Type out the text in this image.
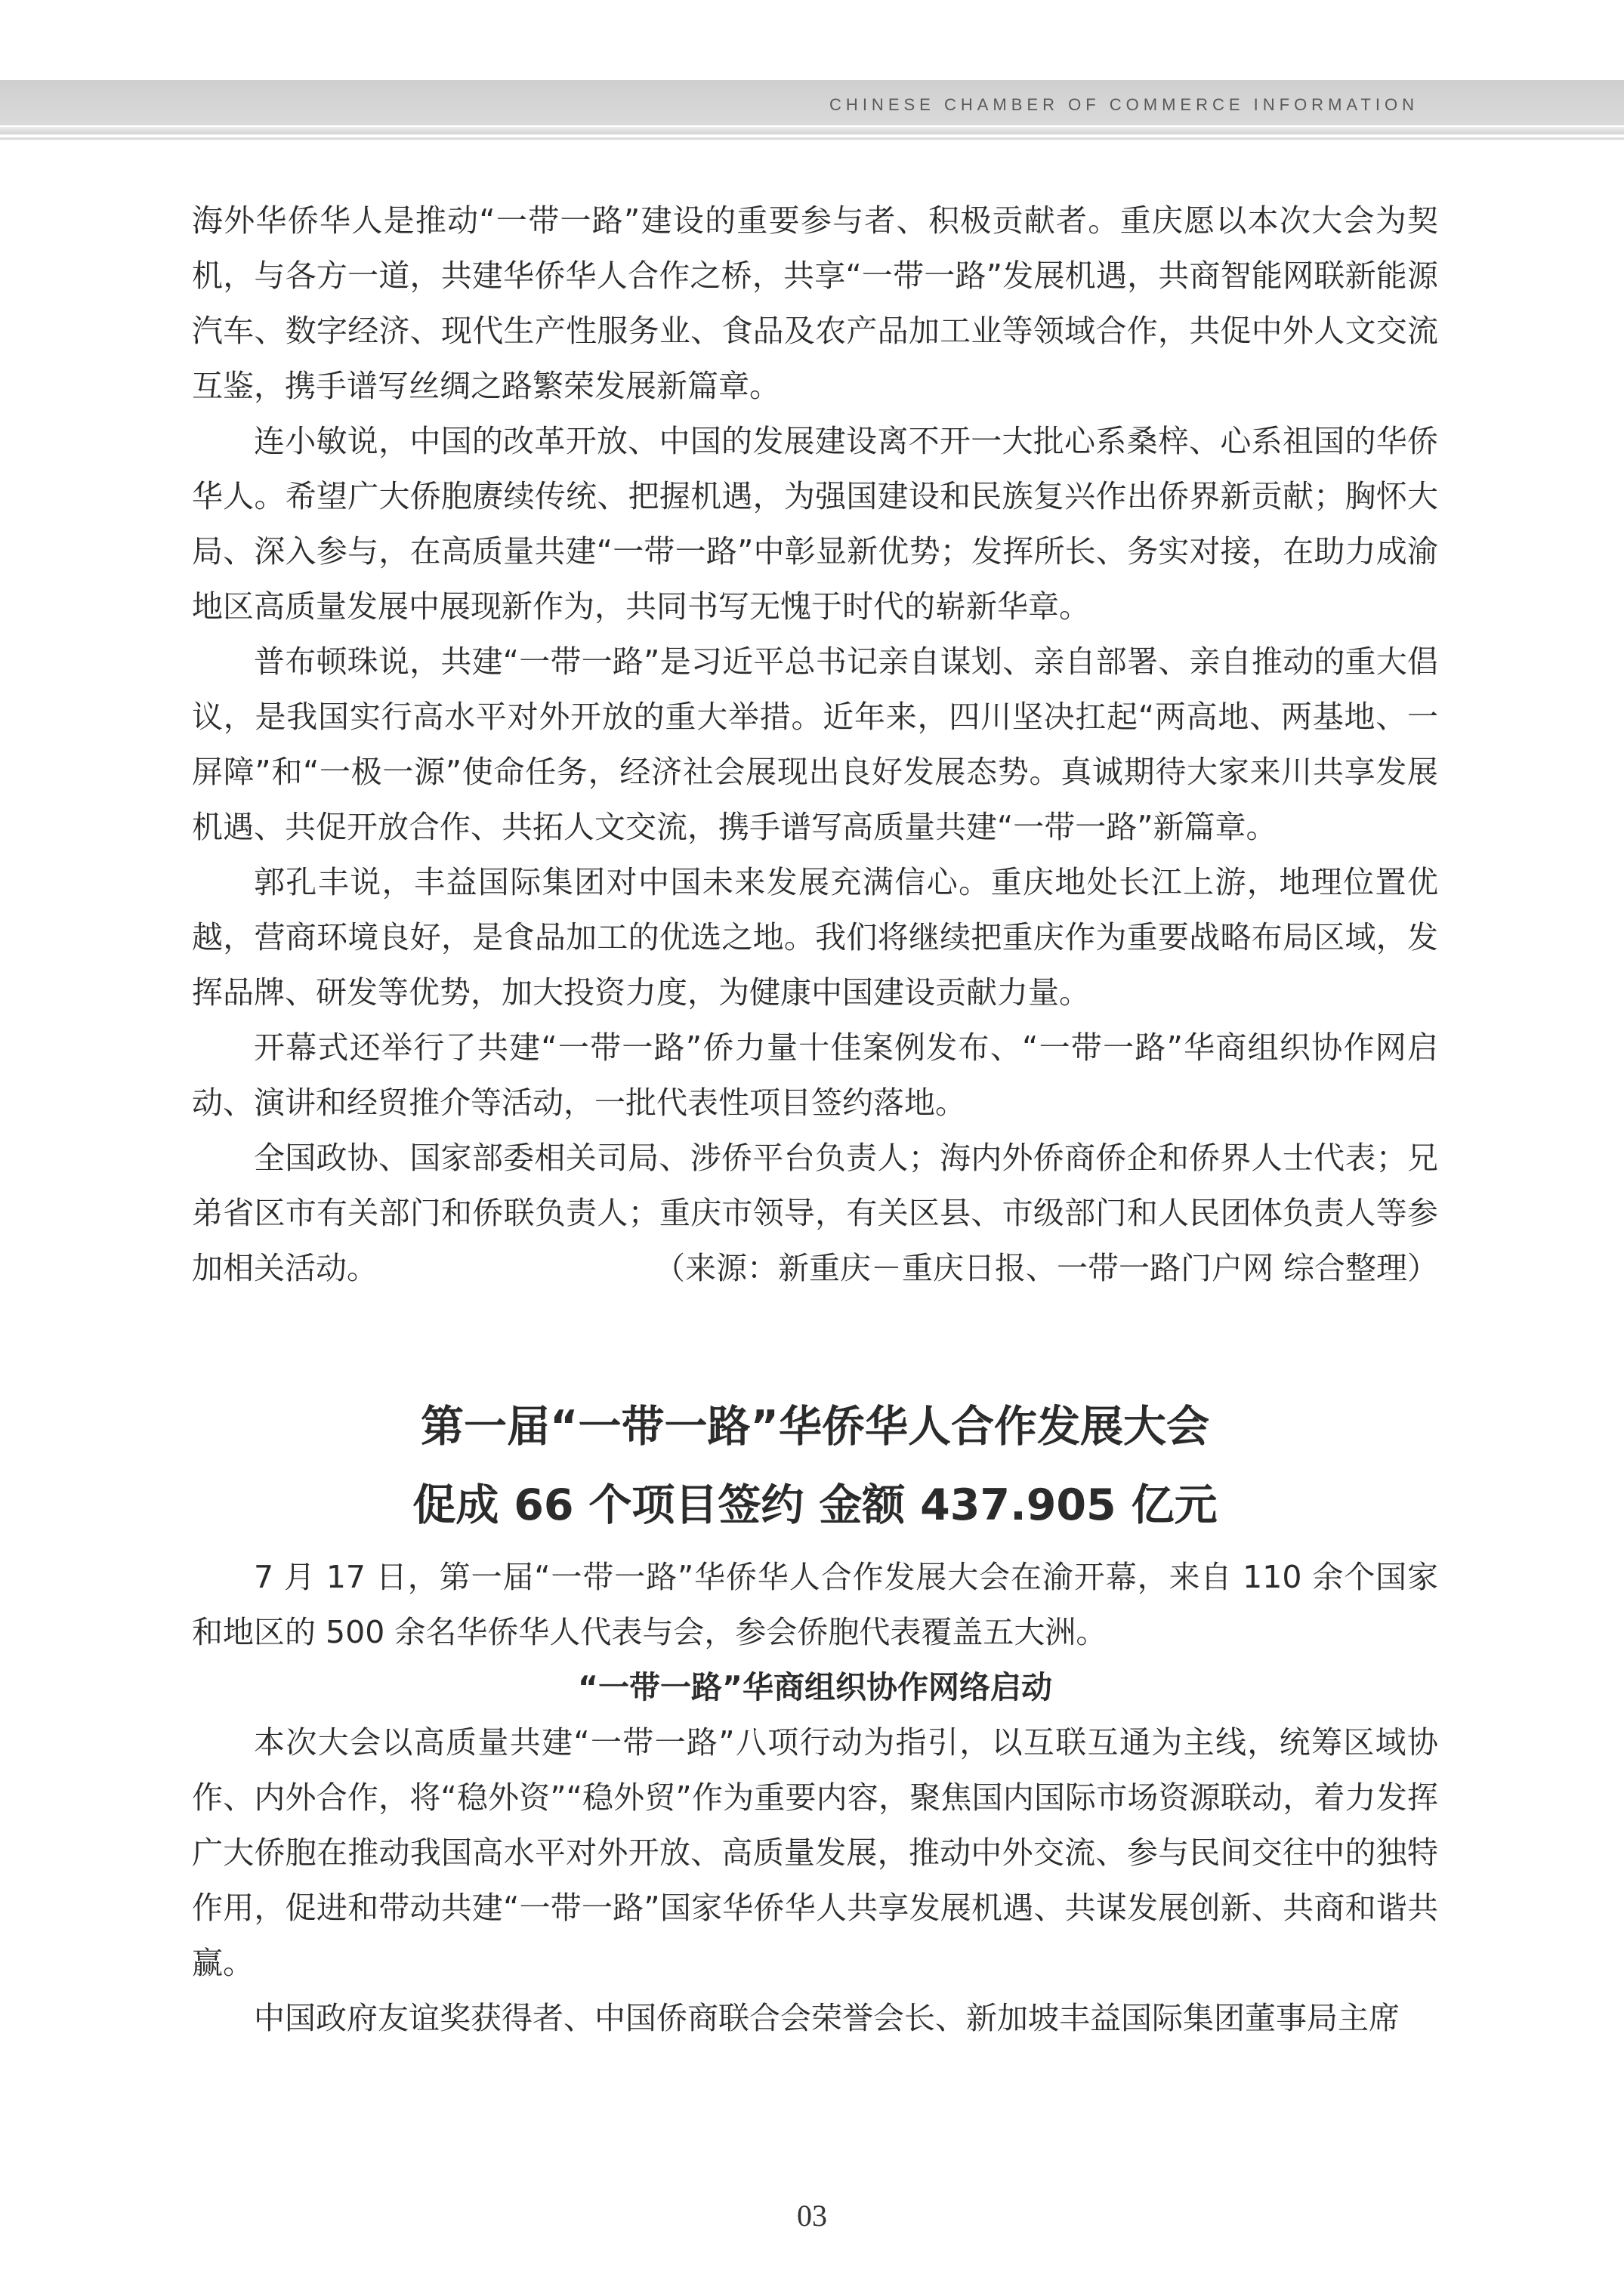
CHINESE CHAMBER OF COMMERCE INFORMATION

海外华侨华人是推动“一带一路”建设的重要参与者、积极贡献者。重庆愿以本次大会为契机，与各方一道，共建华侨华人合作之桥，共享“一带一路”发展机遇，共商智能网联新能源汽车、数字经济、现代生产性服务业、食品及农产品加工业等领域合作，共促中外人文交流互鉴，携手谱写丝绸之路繁荣发展新篇章。

连小敏说，中国的改革开放、中国的发展建设离不开一大批心系桑梓、心系祖国的华侨华人。希望广大侨胞赓续传统、把握机遇，为强国建设和民族复兴作出侨界新贡献；胸怀大局、深入参与，在高质量共建“一带一路”中彰显新优势；发挥所长、务实对接，在助力成渝地区高质量发展中展现新作为，共同书写无愧于时代的崭新华章。

普布顿珠说，共建“一带一路”是习近平总书记亲自谋划、亲自部署、亲自推动的重大倡议，是我国实行高水平对外开放的重大举措。近年来，四川坚决扛起“两高地、两基地、一屏障”和“一极一源”使命任务，经济社会展现出良好发展态势。真诚期待大家来川共享发展机遇、共促开放合作、共拓人文交流，携手谱写高质量共建“一带一路”新篇章。

郭孔丰说，丰益国际集团对中国未来发展充满信心。重庆地处长江上游，地理位置优越，营商环境良好，是食品加工的优选之地。我们将继续把重庆作为重要战略布局区域，发挥品牌、研发等优势，加大投资力度，为健康中国建设贡献力量。

开幕式还举行了共建“一带一路”侨力量十佳案例发布、“一带一路”华商组织协作网启动、演讲和经贸推介等活动，一批代表性项目签约落地。

全国政协、国家部委相关司局、涉侨平台负责人；海内外侨商侨企和侨界人士代表；兄弟省区市有关部门和侨联负责人；重庆市领导，有关区县、市级部门和人民团体负责人等参加相关活动。	（来源：新重庆－重庆日报、一带一路门户网 综合整理）

第一届“一带一路”华侨华人合作发展大会
促成 66 个项目签约 金额 437.905 亿元

7 月 17 日，第一届“一带一路”华侨华人合作发展大会在渝开幕，来自 110 余个国家和地区的 500 余名华侨华人代表与会，参会侨胞代表覆盖五大洲。

“一带一路”华商组织协作网络启动

本次大会以高质量共建“一带一路”八项行动为指引，以互联互通为主线，统筹区域协作、内外合作，将“稳外资”“稳外贸”作为重要内容，聚焦国内国际市场资源联动，着力发挥广大侨胞在推动我国高水平对外开放、高质量发展，推动中外交流、参与民间交往中的独特作用，促进和带动共建“一带一路”国家华侨华人共享发展机遇、共谋发展创新、共商和谐共赢。

中国政府友谊奖获得者、中国侨商联合会荣誉会长、新加坡丰益国际集团董事局主席

03
